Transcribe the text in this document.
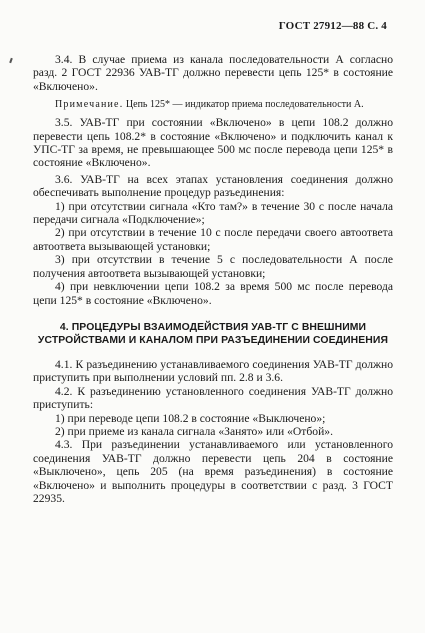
ГОСТ 27912—88 С. 4

3.4. В случае приема из канала последовательности А согласно разд. 2 ГОСТ 22936 УАВ-ТГ должно перевести цепь 125* в состояние «Включено».

Примечание. Цепь 125* — индикатор приема последовательности А.

3.5. УАВ-ТГ при состоянии «Включено» в цепи 108.2 должно перевести цепь 108.2* в состояние «Включено» и подключить канал к УПС-ТГ за время, не превышающее 500 мс после перевода цепи 125* в состояние «Включено».

3.6. УАВ-ТГ на всех этапах установления соединения должно обеспечивать выполнение процедур разъединения:

1) при отсутствии сигнала «Кто там?» в течение 30 с после начала передачи сигнала «Подключение»;

2) при отсутствии в течение 10 с после передачи своего автоответа автоответа вызывающей установки;

3) при отсутствии в течение 5 с последовательности А после получения автоответа вызывающей установки;

4) при невключении цепи 108.2 за время 500 мс после перевода цепи 125* в состояние «Включено».

4. ПРОЦЕДУРЫ ВЗАИМОДЕЙСТВИЯ УАВ-ТГ С ВНЕШНИМИ УСТРОЙСТВАМИ И КАНАЛОМ ПРИ РАЗЪЕДИНЕНИИ СОЕДИНЕНИЯ

4.1. К разъединению устанавливаемого соединения УАВ-ТГ должно приступить при выполнении условий пп. 2.8 и 3.6.

4.2. К разъединению установленного соединения УАВ-ТГ должно приступить:

1) при переводе цепи 108.2 в состояние «Выключено»;

2) при приеме из канала сигнала «Занято» или «Отбой».

4.3. При разъединении устанавливаемого или установленного соединения УАВ-ТГ должно перевести цепь 204 в состояние «Выключено», цепь 205 (на время разъединения) в состояние «Включено» и выполнить процедуры в соответствии с разд. 3 ГОСТ 22935.
